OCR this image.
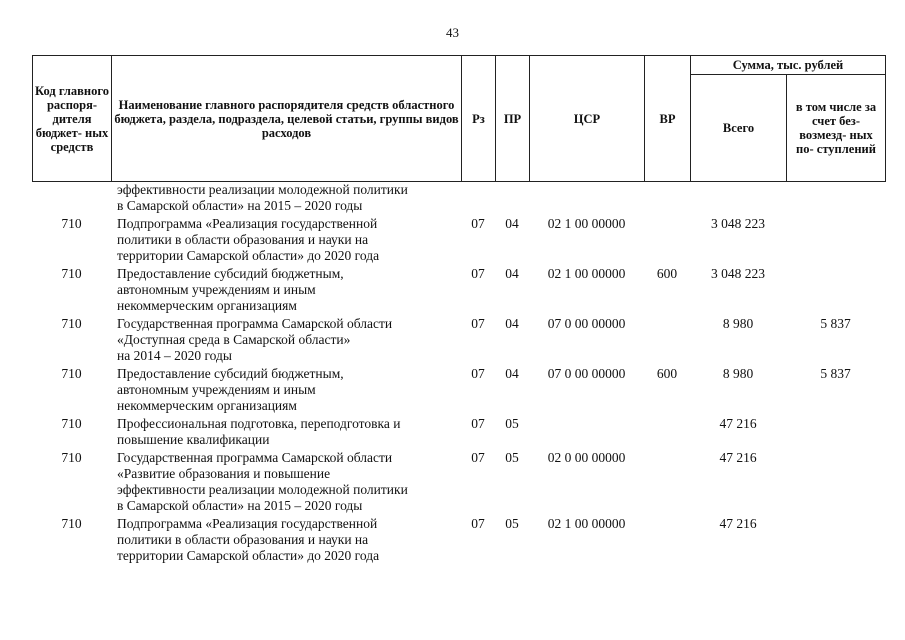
43
Код главного распоря- дителя бюджет- ных средств	Наименование главного распорядителя средств областного бюджета, раздела, подраздела, целевой статьи, группы видов расходов	Рз	ПР	ЦСР	ВР	Сумма, тыс. рублей	
						Всего	в том числе за счет без- возмезд- ных по- ступлений
	эффективности реализации молодежной политики
в Самарской области» на 2015 – 2020 годы						
710	Подпрограмма «Реализация государственной
политики в области образования и науки на
территории Самарской области» до 2020 года	07	04	02 1 00 00000		3 048 223	
710	Предоставление субсидий бюджетным,
автономным учреждениям и иным
некоммерческим организациям	07	04	02 1 00 00000	600	3 048 223	
710	Государственная программа Самарской области
«Доступная среда в Самарской области»
на 2014 – 2020 годы	07	04	07 0 00 00000		8 980	5 837
710	Предоставление субсидий бюджетным,
автономным учреждениям и иным
некоммерческим организациям	07	04	07 0 00 00000	600	8 980	5 837
710	Профессиональная подготовка, переподготовка и
повышение квалификации	07	05			47 216	
710	Государственная программа Самарской области
«Развитие образования и повышение
эффективности реализации молодежной политики
в Самарской области» на 2015 – 2020 годы	07	05	02 0 00 00000		47 216	
710	Подпрограмма «Реализация государственной
политики в области образования и науки на
территории Самарской области» до 2020 года	07	05	02 1 00 00000		47 216	
